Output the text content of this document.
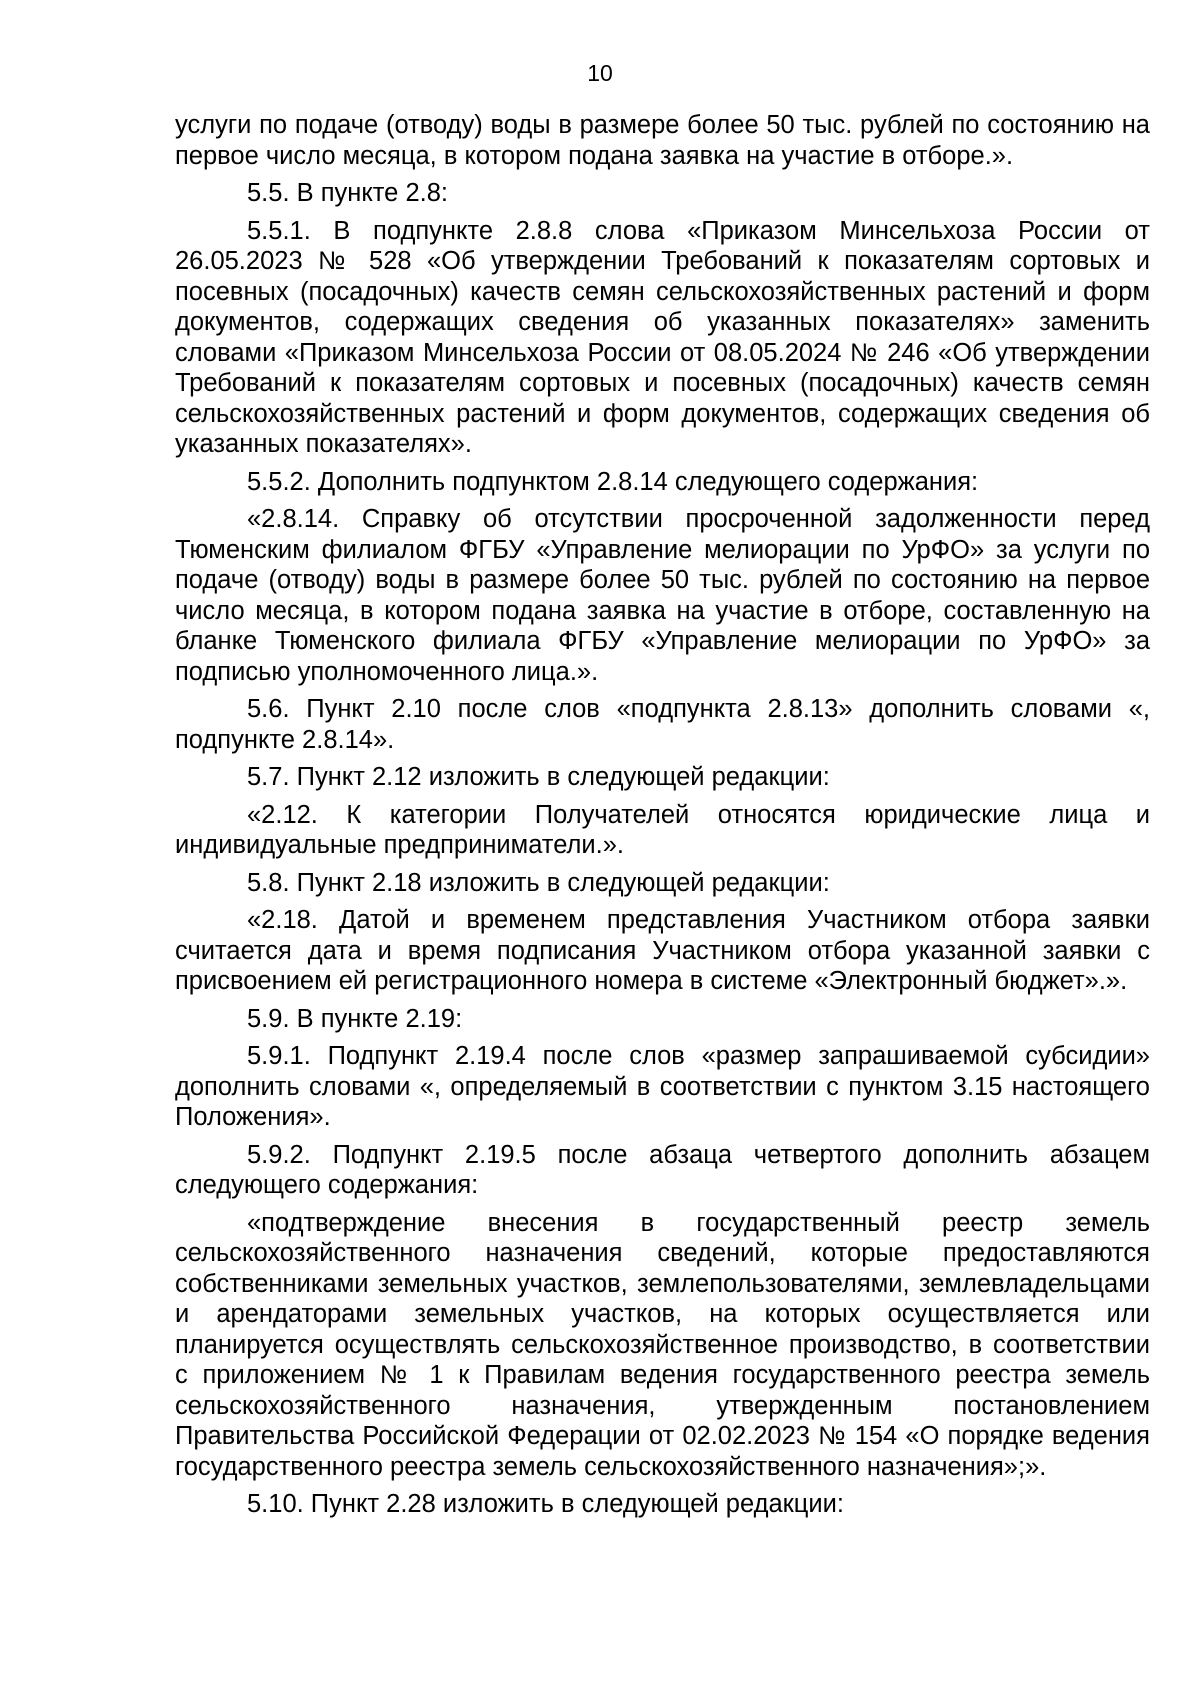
10

услуги по подаче (отводу) воды в размере более 50 тыс. рублей по состоянию на первое число месяца, в котором подана заявка на участие в отборе.».

5.5. В пункте 2.8:

5.5.1. В подпункте 2.8.8 слова «Приказом Минсельхоза России от 26.05.2023 № 528 «Об утверждении Требований к показателям сортовых и посевных (посадочных) качеств семян сельскохозяйственных растений и форм документов, содержащих сведения об указанных показателях» заменить словами «Приказом Минсельхоза России от 08.05.2024 № 246 «Об утверждении Требований к показателям сортовых и посевных (посадочных) качеств семян сельскохозяйственных растений и форм документов, содержащих сведения об указанных показателях».

5.5.2. Дополнить подпунктом 2.8.14 следующего содержания:

«2.8.14. Справку об отсутствии просроченной задолженности перед Тюменским филиалом ФГБУ «Управление мелиорации по УрФО» за услуги по подаче (отводу) воды в размере более 50 тыс. рублей по состоянию на первое число месяца, в котором подана заявка на участие в отборе, составленную на бланке Тюменского филиала ФГБУ «Управление мелиорации по УрФО» за подписью уполномоченного лица.».

5.6. Пункт 2.10 после слов «подпункта 2.8.13» дополнить словами «, подпункте 2.8.14».

5.7. Пункт 2.12 изложить в следующей редакции:

«2.12. К категории Получателей относятся юридические лица и индивидуальные предприниматели.».

5.8. Пункт 2.18 изложить в следующей редакции:

«2.18. Датой и временем представления Участником отбора заявки считается дата и время подписания Участником отбора указанной заявки с присвоением ей регистрационного номера в системе «Электронный бюджет».».

5.9. В пункте 2.19:

5.9.1. Подпункт 2.19.4 после слов «размер запрашиваемой субсидии» дополнить словами «, определяемый в соответствии с пунктом 3.15 настоящего Положения».

5.9.2. Подпункт 2.19.5 после абзаца четвертого дополнить абзацем следующего содержания:

«подтверждение внесения в государственный реестр земель сельскохозяйственного назначения сведений, которые предоставляются собственниками земельных участков, землепользователями, землевладельцами и арендаторами земельных участков, на которых осуществляется или планируется осуществлять сельскохозяйственное производство, в соответствии с приложением № 1 к Правилам ведения государственного реестра земель сельскохозяйственного назначения, утвержденным постановлением Правительства Российской Федерации от 02.02.2023 № 154 «О порядке ведения государственного реестра земель сельскохозяйственного назначения»;».

5.10. Пункт 2.28 изложить в следующей редакции:
